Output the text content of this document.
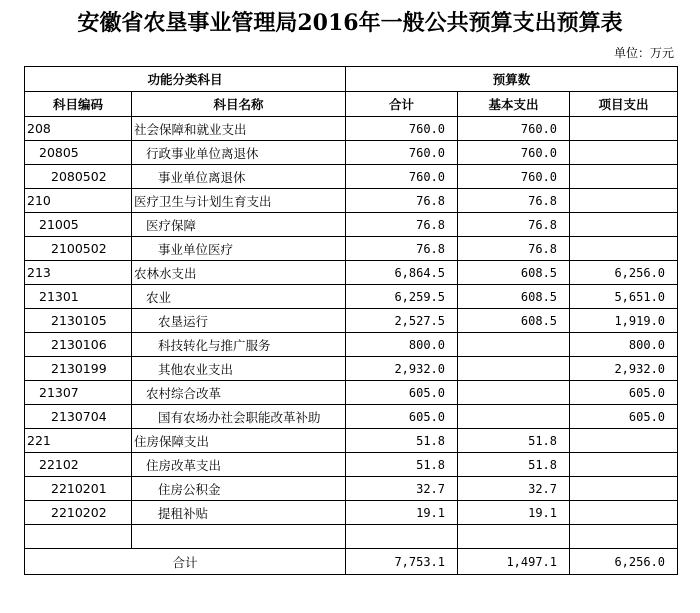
安徽省农垦事业管理局2016年一般公共预算支出预算表
单位：万元
功能分类科目		预算数		
科目编码	科目名称	合计	基本支出	项目支出
208	社会保障和就业支出	760.0	760.0	
20805	行政事业单位离退休	760.0	760.0	
2080502	事业单位离退休	760.0	760.0	
210	医疗卫生与计划生育支出	76.8	76.8	
21005	医疗保障	76.8	76.8	
2100502	事业单位医疗	76.8	76.8	
213	农林水支出	6,864.5	608.5	6,256.0
21301	农业	6,259.5	608.5	5,651.0
2130105	农垦运行	2,527.5	608.5	1,919.0
2130106	科技转化与推广服务	800.0		800.0
2130199	其他农业支出	2,932.0		2,932.0
21307	农村综合改革	605.0		605.0
2130704	国有农场办社会职能改革补助	605.0		605.0
221	住房保障支出	51.8	51.8	
22102	住房改革支出	51.8	51.8	
2210201	住房公积金	32.7	32.7	
2210202	提租补贴	19.1	19.1	

合计		7,753.1	1,497.1	6,256.0
